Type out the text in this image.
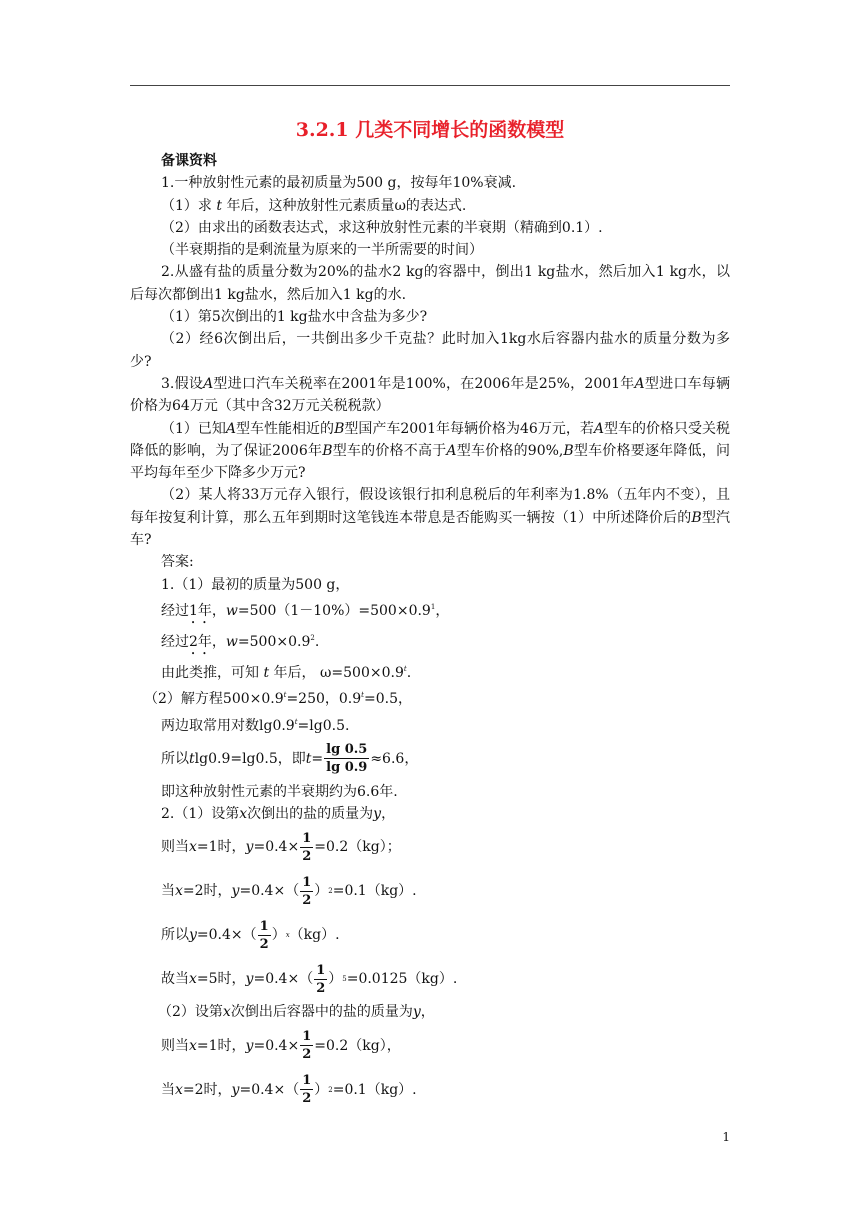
3.2.1 几类不同增长的函数模型

备课资料

1.一种放射性元素的最初质量为500 g，按每年10%衰减.

（1）求 t 年后，这种放射性元素质量ω的表达式.

（2）由求出的函数表达式，求这种放射性元素的半衰期（精确到0.1）.

（半衰期指的是剩流量为原来的一半所需要的时间）

2.从盛有盐的质量分数为20%的盐水2 kg的容器中，倒出1 kg盐水，然后加入1 kg水，以后每次都倒出1 kg盐水，然后加入1 kg的水.

（1）第5次倒出的1 kg盐水中含盐为多少?

（2）经6次倒出后，一共倒出多少千克盐？此时加入1kg水后容器内盐水的质量分数为多少?

3.假设A型进口汽车关税率在2001年是100%，在2006年是25%，2001年A型进口车每辆价格为64万元（其中含32万元关税税款）

（1）已知A型车性能相近的B型国产车2001年每辆价格为46万元，若A型车的价格只受关税降低的影响，为了保证2006年B型车的价格不高于A型车价格的90%,B型车价格要逐年降低，问平均每年至少下降多少万元?

（2）某人将33万元存入银行，假设该银行扣利息税后的年利率为1.8%（五年内不变），且每年按复利计算，那么五年到期时这笔钱连本带息是否能购买一辆按（1）中所述降价后的B型汽车?

答案:

1.（1）最初的质量为500 g，
经过1年，$w=500(1-10\%)=500\times 0.9^1$，
经过2年，$w=500\times 0.9^2$.
由此类推，可知 t 年后， $\omega=500\times 0.9^t$.
（2）解方程$500\times 0.9^t=250$，$0.9^t=0.5$，
两边取常用对数$\lg 0.9^t=\lg 0.5$.
所以 t lg0.9=lg0.5，即 $t = \frac{\lg 0.5}{\lg 0.9} \approx 6.6$，
即这种放射性元素的半衰期约为6.6年.
2.（1）设第x次倒出的盐的质量为y，
则当 x =1时， $y =0.4\times \frac{1}{2} =0.2(kg)$；
当 x =2时， $y =0.4\times( \frac{1}{2}$ ） 2 =0.1（kg）.
所以 $y =0.4\times( \frac{1}{2}$ ） x （kg）.
故当 x =5时， $y =0.4\times( \frac{1}{2}$ ） 5 =0.0125（kg）.
（2）设第x次倒出后容器中的盐的质量为y，
则当 x =1时， $y =0.4\times \frac{1}{2} =0.2(kg)$，
当 x =2时， $y =0.4\times( \frac{1}{2}$ ） 2 =0.1（kg）.
1
